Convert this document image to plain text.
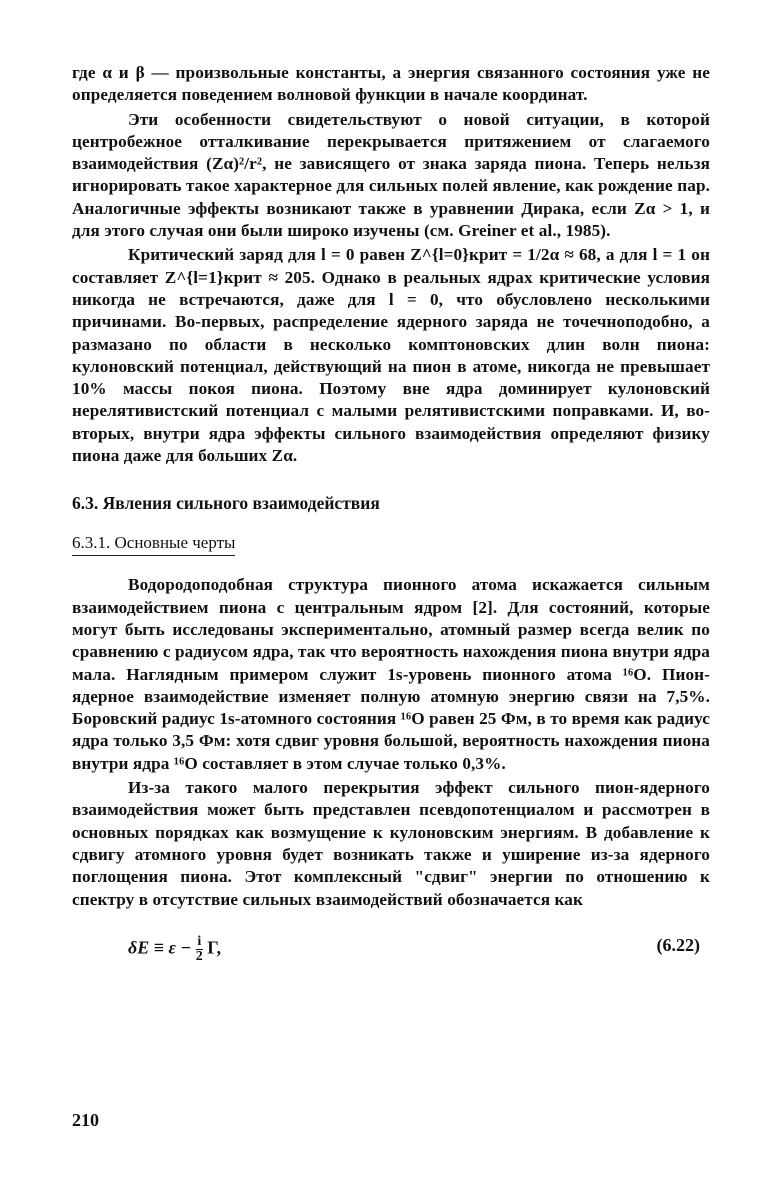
где α и β — произвольные константы, а энергия связанного состояния уже не определяется поведением волновой функции в начале координат.

Эти особенности свидетельствуют о новой ситуации, в которой центробежное отталкивание перекрывается притяжением от слагаемого взаимодействия (Zα)²/r², не зависящего от знака заряда пиона. Теперь нельзя игнорировать такое характерное для сильных полей явление, как рождение пар. Аналогичные эффекты возникают также в уравнении Дирака, если Zα > 1, и для этого случая они были широко изучены (см. Greiner et al., 1985).

Критический заряд для l = 0 равен Z^{l=0}крит = 1/2α ≈ 68, а для l = 1 он составляет Z^{l=1}крит ≈ 205. Однако в реальных ядрах критические условия никогда не встречаются, даже для l = 0, что обусловлено несколькими причинами. Во-первых, распределение ядерного заряда не точечноподобно, а размазано по области в несколько комптоновских длин волн пиона: кулоновский потенциал, действующий на пион в атоме, никогда не превышает 10% массы покоя пиона. Поэтому вне ядра доминирует кулоновский нерелятивистский потенциал с малыми релятивистскими поправками. И, во-вторых, внутри ядра эффекты сильного взаимодействия определяют физику пиона даже для больших Zα.

6.3. Явления сильного взаимодействия
6.3.1. Основные черты

Водородоподобная структура пионного атома искажается сильным взаимодействием пиона с центральным ядром [2]. Для состояний, которые могут быть исследованы экспериментально, атомный размер всегда велик по сравнению с радиусом ядра, так что вероятность нахождения пиона внутри ядра мала. Наглядным примером служит 1s-уровень пионного атома ¹⁶O. Пион-ядерное взаимодействие изменяет полную атомную энергию связи на 7,5%. Боровский радиус 1s-атомного состояния ¹⁶O равен 25 Фм, в то время как радиус ядра только 3,5 Фм: хотя сдвиг уровня большой, вероятность нахождения пиона внутри ядра ¹⁶O составляет в этом случае только 0,3%.

Из-за такого малого перекрытия эффект сильного пион-ядерного взаимодействия может быть представлен псевдопотенциалом и рассмотрен в основных порядках как возмущение к кулоновским энергиям. В добавление к сдвигу атомного уровня будет возникать также и уширение из-за ядерного поглощения пиона. Этот комплексный "сдвиг" энергии по отношению к спектру в отсутствие сильных взаимодействий обозначается как

$\delta E \equiv \varepsilon - \frac{i}{2} \Gamma$,	(6.22)
210
